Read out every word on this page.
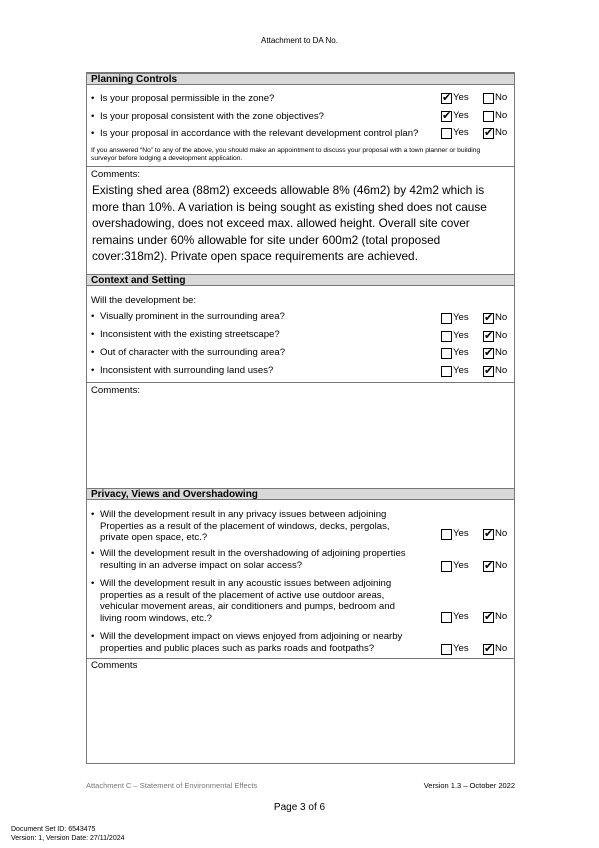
Attachment to DA No.
Planning Controls
• Is your proposal permissible in the zone?	✔ Yes	No
• Is your proposal consistent with the zone objectives?	✔ Yes	No
• Is your proposal in accordance with the relevant development control plan?	Yes ✔ No
If you answered “No” to any of the above, you should make an appointment to discuss your proposal with a town planner or building surveyor before lodging a development application.
Comments:
Existing shed area (88m2) exceeds allowable 8% (46m2) by 42m2 which is more than 10%. A variation is being sought as existing shed does not cause overshadowing, does not exceed max. allowed height. Overall site cover remains under 60% allowable for site under 600m2 (total proposed cover:318m2). Private open space requirements are achieved.
Context and Setting
Will the development be:
• Visually prominent in the surrounding area?	Yes ✔ No
• Inconsistent with the existing streetscape?	Yes ✔ No
• Out of character with the surrounding area?	Yes ✔ No
• Inconsistent with surrounding land uses?	Yes ✔ No
Comments:
Privacy, Views and Overshadowing
• Will the development result in any privacy issues between adjoining Properties as a result of the placement of windows, decks, pergolas, private open space, etc.?	Yes ✔ No
• Will the development result in the overshadowing of adjoining properties resulting in an adverse impact on solar access?	Yes ✔ No
• Will the development result in any acoustic issues between adjoining properties as a result of the placement of active use outdoor areas, vehicular movement areas, air conditioners and pumps, bedroom and living room windows, etc.?	Yes ✔ No
• Will the development impact on views enjoyed from adjoining or nearby properties and public places such as parks roads and footpaths?	Yes ✔ No
Comments
Attachment C – Statement of Environmental Effects	Version 1.3 – October 2022
Page 3 of 6
Document Set ID: 6543475
Version: 1, Version Date: 27/11/2024
